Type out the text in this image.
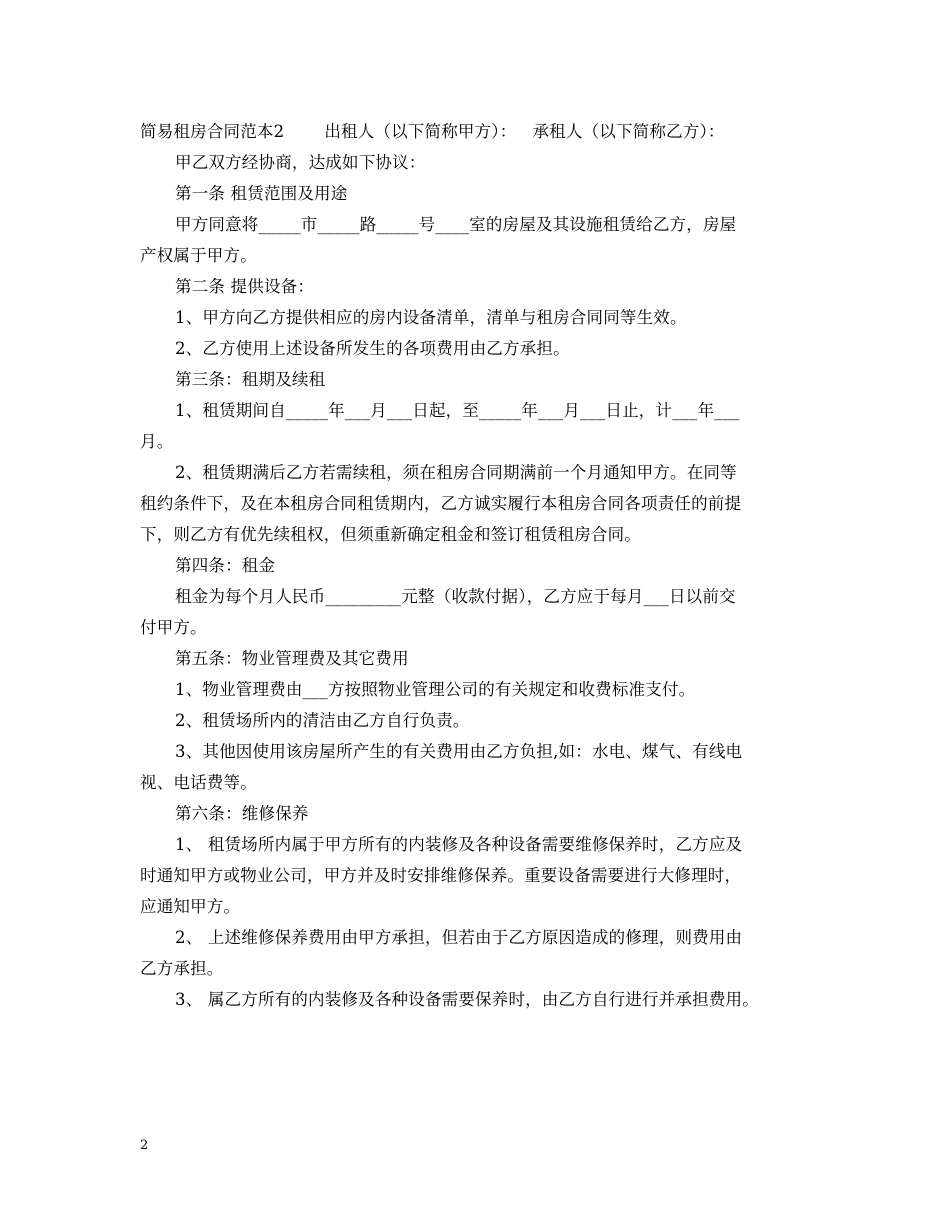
简易租房合同范本2 出租人（以下简称甲方）： 承租人（以下简称乙方）：

甲乙双方经协商，达成如下协议：

第一条 租赁范围及用途

甲方同意将_____市_____路_____号____室的房屋及其设施租赁给乙方，房屋

产权属于甲方。

第二条 提供设备：

1、甲方向乙方提供相应的房内设备清单，清单与租房合同同等生效。

2、乙方使用上述设备所发生的各项费用由乙方承担。

第三条：租期及续租

1、租赁期间自_____年___月___日起，至_____年___月___日止，计___年___

月。

2、租赁期满后乙方若需续租，须在租房合同期满前一个月通知甲方。在同等

租约条件下，及在本租房合同租赁期内，乙方诚实履行本租房合同各项责任的前提

下，则乙方有优先续租权，但须重新确定租金和签订租赁租房合同。

第四条：租金

租金为每个月人民币_________元整（收款付据），乙方应于每月___日以前交

付甲方。

第五条：物业管理费及其它费用

1、物业管理费由___方按照物业管理公司的有关规定和收费标准支付。

2、租赁场所内的清洁由乙方自行负责。

3、其他因使用该房屋所产生的有关费用由乙方负担,如：水电、煤气、有线电

视、电话费等。

第六条：维修保养

1、 租赁场所内属于甲方所有的内装修及各种设备需要维修保养时，乙方应及

时通知甲方或物业公司，甲方并及时安排维修保养。重要设备需要进行大修理时，

应通知甲方。

2、 上述维修保养费用由甲方承担，但若由于乙方原因造成的修理，则费用由

乙方承担。

3、 属乙方所有的内装修及各种设备需要保养时，由乙方自行进行并承担费用。

2
